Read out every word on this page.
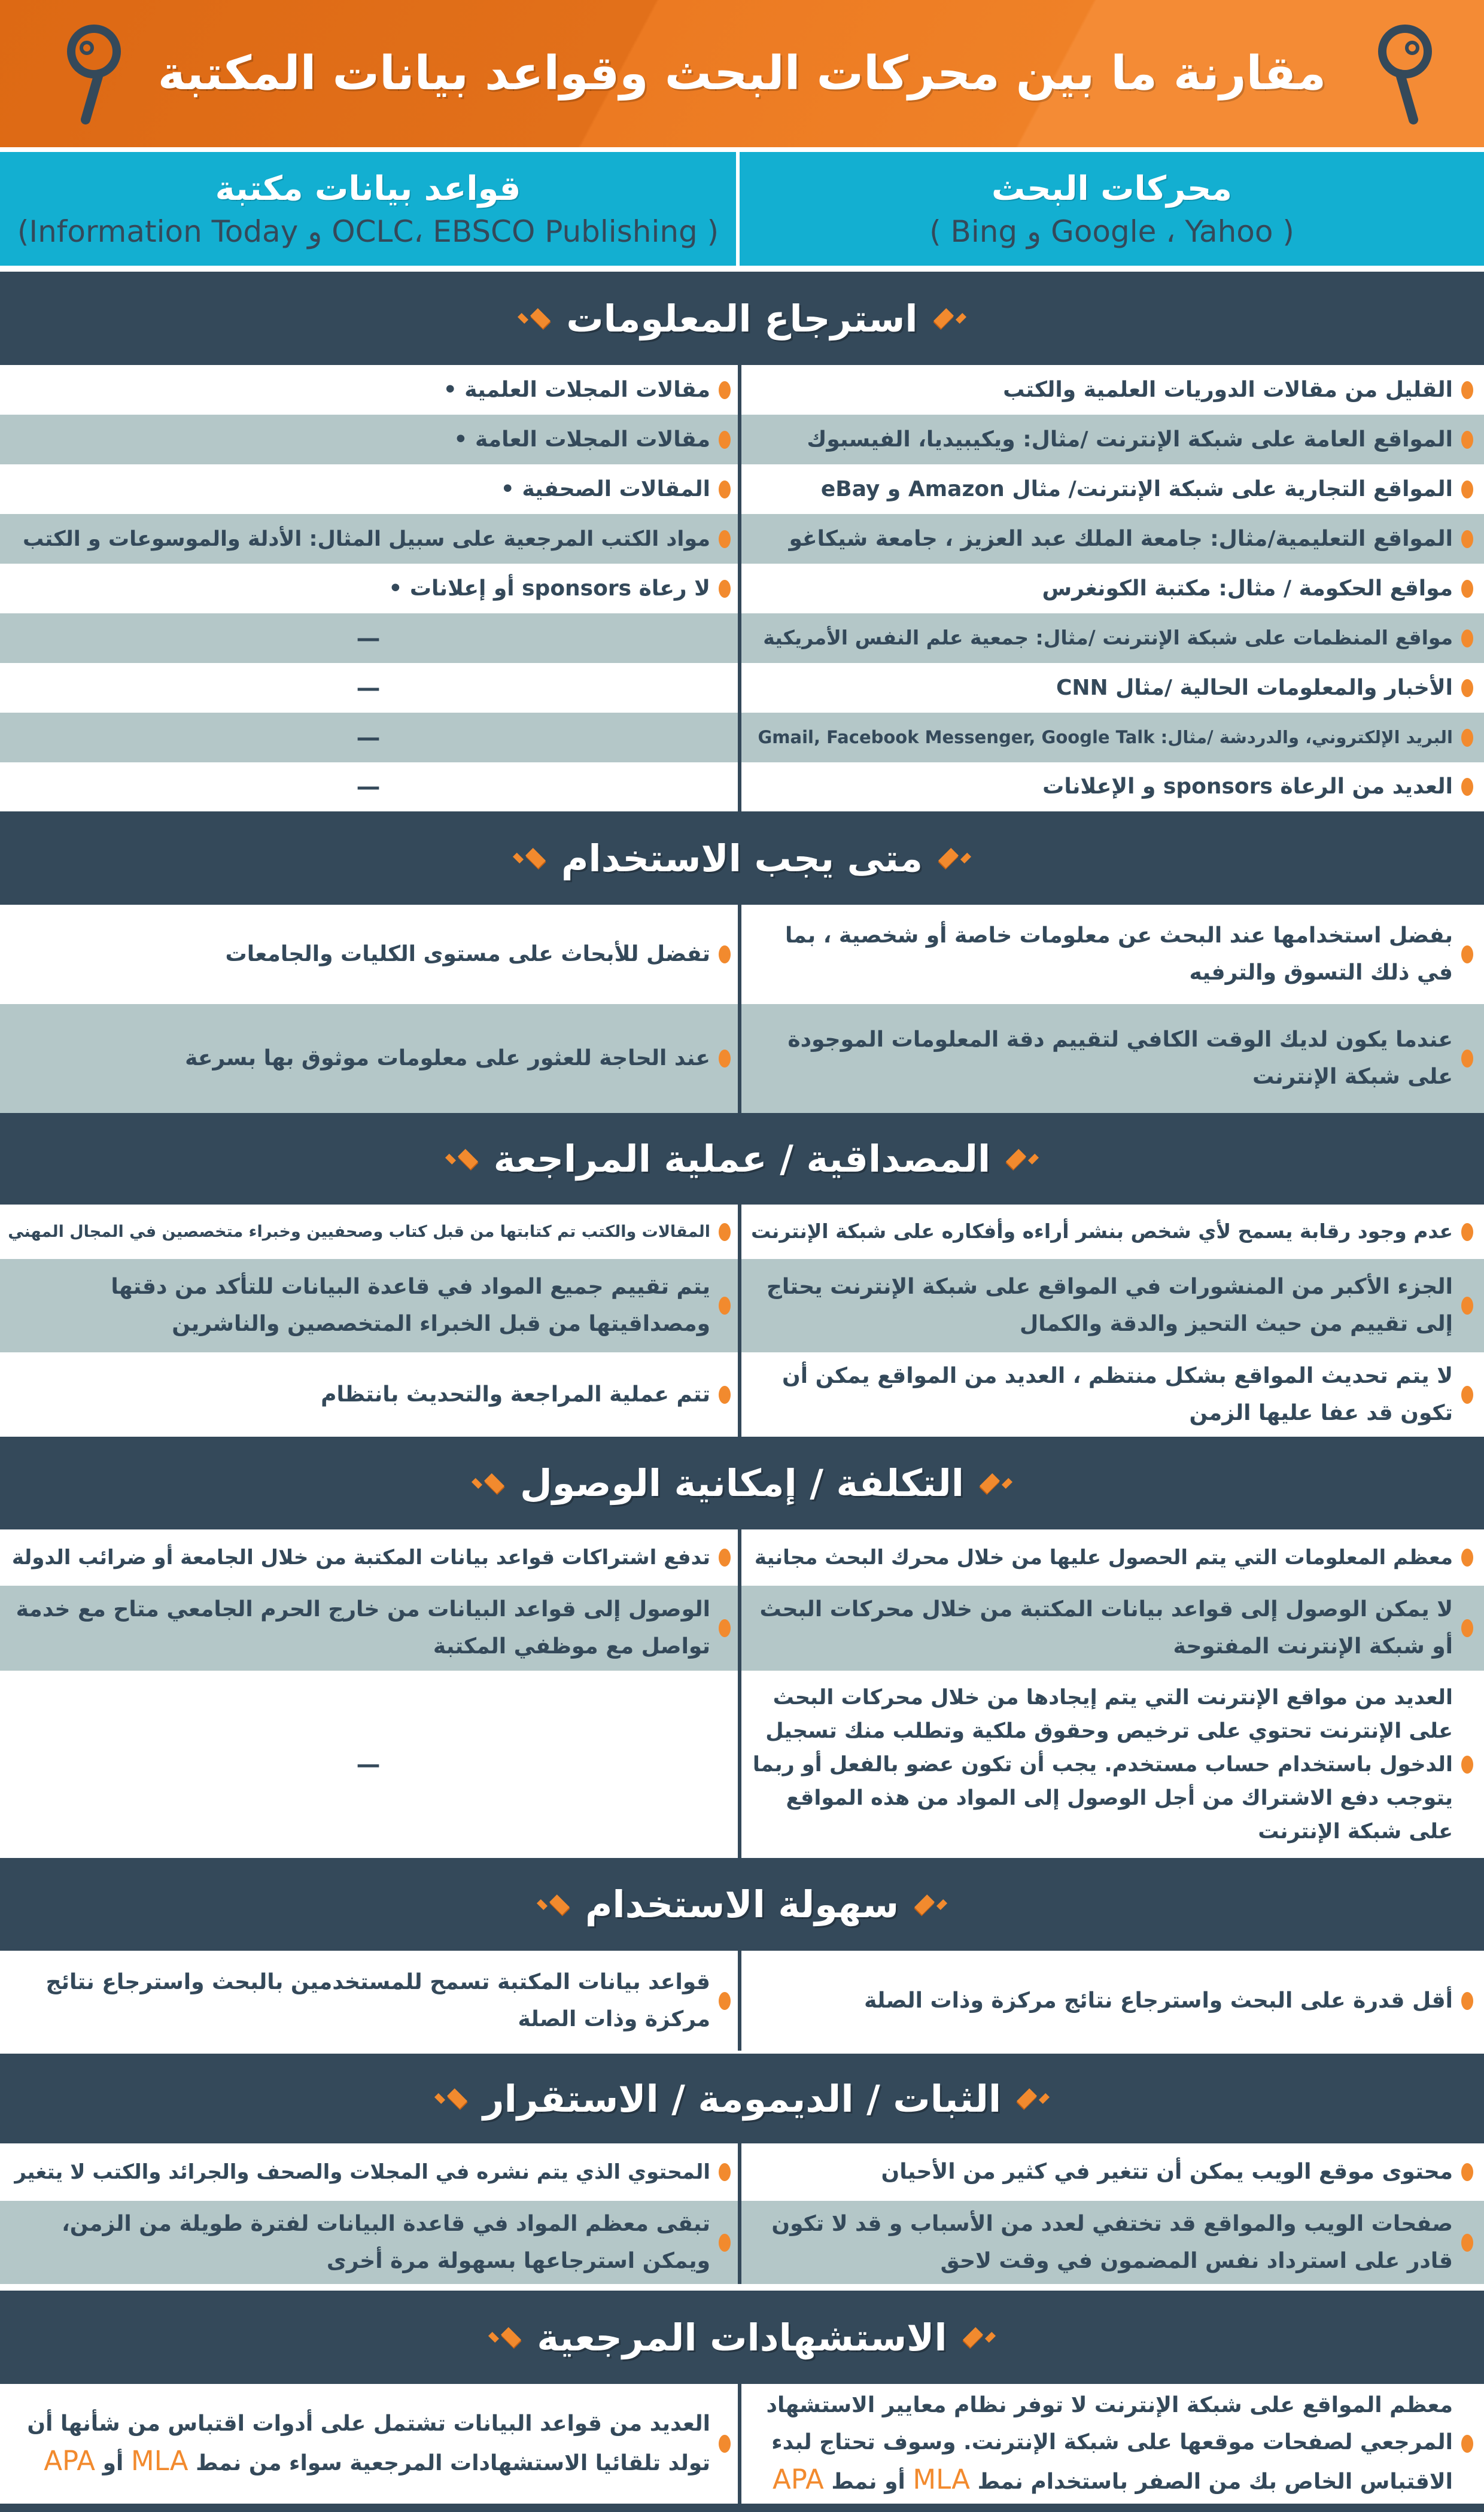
مقارنة ما بين محركات البحث وقواعد بيانات المكتبة
محركات البحث
( Google ، Yahoo و Bing )
قواعد بيانات مكتبة
( OCLC، EBSCO Publishing و Information Today)
استرجاع المعلومات
القليل من مقالات الدوريات العلمية والكتب
مقالات المجلات العلمية •
المواقع العامة على شبكة الإنترنت /مثال: ويكيبيديا، الفيسبوك
مقالات المجلات العامة •
المواقع التجارية على شبكة الإنترنت/ مثال Amazon و eBay
المقالات الصحفية •
المواقع التعليمية/مثال: جامعة الملك عبد العزيز ، جامعة شيكاغو
مواد الكتب المرجعية على سبيل المثال: الأدلة والموسوعات و الكتب
مواقع الحكومة / مثال: مكتبة الكونغرس
لا رعاة sponsors أو إعلانات •
مواقع المنظمات على شبكة الإنترنت /مثال: جمعية علم النفس الأمريكية
—
الأخبار والمعلومات الحالية /مثال CNN
—
البريد الإلكتروني، والدردشة /مثال: Gmail, Facebook Messenger, Google Talk
—
العديد من الرعاة sponsors و الإعلانات
—
متى يجب الاستخدام
بفضل استخدامها عند البحث عن معلومات خاصة أو شخصية ، بما في ذلك التسوق والترفيه
تفضل للأبحاث على مستوى الكليات والجامعات
عندما يكون لديك الوقت الكافي لتقييم دقة المعلومات الموجودة على شبكة الإنترنت
عند الحاجة للعثور على معلومات موثوق بها بسرعة
المصداقية / عملية المراجعة
عدم وجود رقابة يسمح لأي شخص بنشر أراءه وأفكاره على شبكة الإنترنت
المقالات والكتب تم كتابتها من قبل كتاب وصحفيين وخبراء متخصصين في المجال المهني
الجزء الأكبر من المنشورات في المواقع على شبكة الإنترنت يحتاج إلى تقييم من حيث التحيز والدقة والكمال
يتم تقييم جميع المواد في قاعدة البيانات للتأكد من دقتها ومصداقيتها من قبل الخبراء المتخصصين والناشرين
لا يتم تحديث المواقع بشكل منتظم ، العديد من المواقع يمكن أن تكون قد عفا عليها الزمن
تتم عملية المراجعة والتحديث بانتظام
التكلفة / إمكانية الوصول
معظم المعلومات التي يتم الحصول عليها من خلال محرك البحث مجانية
تدفع اشتراكات قواعد بيانات المكتبة من خلال الجامعة أو ضرائب الدولة
لا يمكن الوصول إلى قواعد بيانات المكتبة من خلال محركات البحث أو شبكة الإنترنت المفتوحة
الوصول إلى قواعد البيانات من خارج الحرم الجامعي متاح مع خدمة تواصل مع موظفي المكتبة
العديد من مواقع الإنترنت التي يتم إيجادها من خلال محركات البحث على الإنترنت تحتوي على ترخيص وحقوق ملكية وتطلب منك تسجيل الدخول باستخدام حساب مستخدم. يجب أن تكون عضو بالفعل أو ربما يتوجب دفع الاشتراك من أجل الوصول إلى المواد من هذه المواقع على شبكة الإنترنت
—
سهولة الاستخدام
أقل قدرة على البحث واسترجاع نتائج مركزة وذات الصلة
قواعد بيانات المكتبة تسمح للمستخدمين بالبحث واسترجاع نتائج مركزة وذات الصلة
الثبات / الديمومة / الاستقرار
محتوى موقع الويب يمكن أن تتغير في كثير من الأحيان
المحتوي الذي يتم نشره في المجلات والصحف والجرائد والكتب لا يتغير
صفحات الويب والمواقع قد تختفي لعدد من الأسباب و قد لا تكون قادر على استرداد نفس المضمون في وقت لاحق
تبقى معظم المواد في قاعدة البيانات لفترة طويلة من الزمن، ويمكن استرجاعها بسهولة مرة أخرى
الاستشهادات المرجعية
معظم المواقع على شبكة الإنترنت لا توفر نظام معايير الاستشهاد المرجعي لصفحات موقعها على شبكة الإنترنت. وسوف تحتاج لبدء الاقتباس الخاص بك من الصفر باستخدام نمط MLA أو نمط APA
العديد من قواعد البيانات تشتمل على أدوات اقتباس من شأنها أن تولد تلقائيا الاستشهادات المرجعية سواء من نمط MLA أو APA
